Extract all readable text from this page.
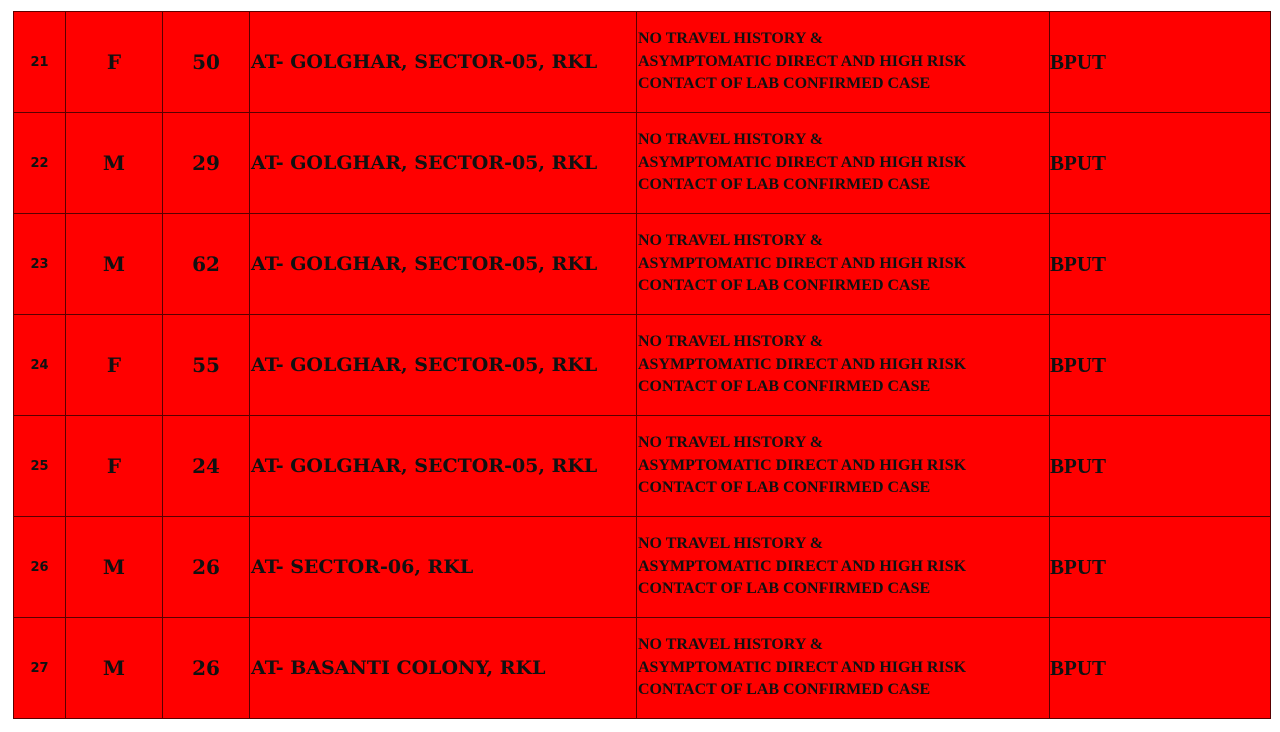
21	F	50	AT- GOLGHAR, SECTOR-05, RKL	NO TRAVEL HISTORY &
ASYMPTOMATIC DIRECT AND HIGH RISK
CONTACT OF LAB CONFIRMED CASE	BPUT
22	M	29	AT- GOLGHAR, SECTOR-05, RKL	NO TRAVEL HISTORY &
ASYMPTOMATIC DIRECT AND HIGH RISK
CONTACT OF LAB CONFIRMED CASE	BPUT
23	M	62	AT- GOLGHAR, SECTOR-05, RKL	NO TRAVEL HISTORY &
ASYMPTOMATIC DIRECT AND HIGH RISK
CONTACT OF LAB CONFIRMED CASE	BPUT
24	F	55	AT- GOLGHAR, SECTOR-05, RKL	NO TRAVEL HISTORY &
ASYMPTOMATIC DIRECT AND HIGH RISK
CONTACT OF LAB CONFIRMED CASE	BPUT
25	F	24	AT- GOLGHAR, SECTOR-05, RKL	NO TRAVEL HISTORY &
ASYMPTOMATIC DIRECT AND HIGH RISK
CONTACT OF LAB CONFIRMED CASE	BPUT
26	M	26	AT- SECTOR-06, RKL	NO TRAVEL HISTORY &
ASYMPTOMATIC DIRECT AND HIGH RISK
CONTACT OF LAB CONFIRMED CASE	BPUT
27	M	26	AT- BASANTI COLONY, RKL	NO TRAVEL HISTORY &
ASYMPTOMATIC DIRECT AND HIGH RISK
CONTACT OF LAB CONFIRMED CASE	BPUT
